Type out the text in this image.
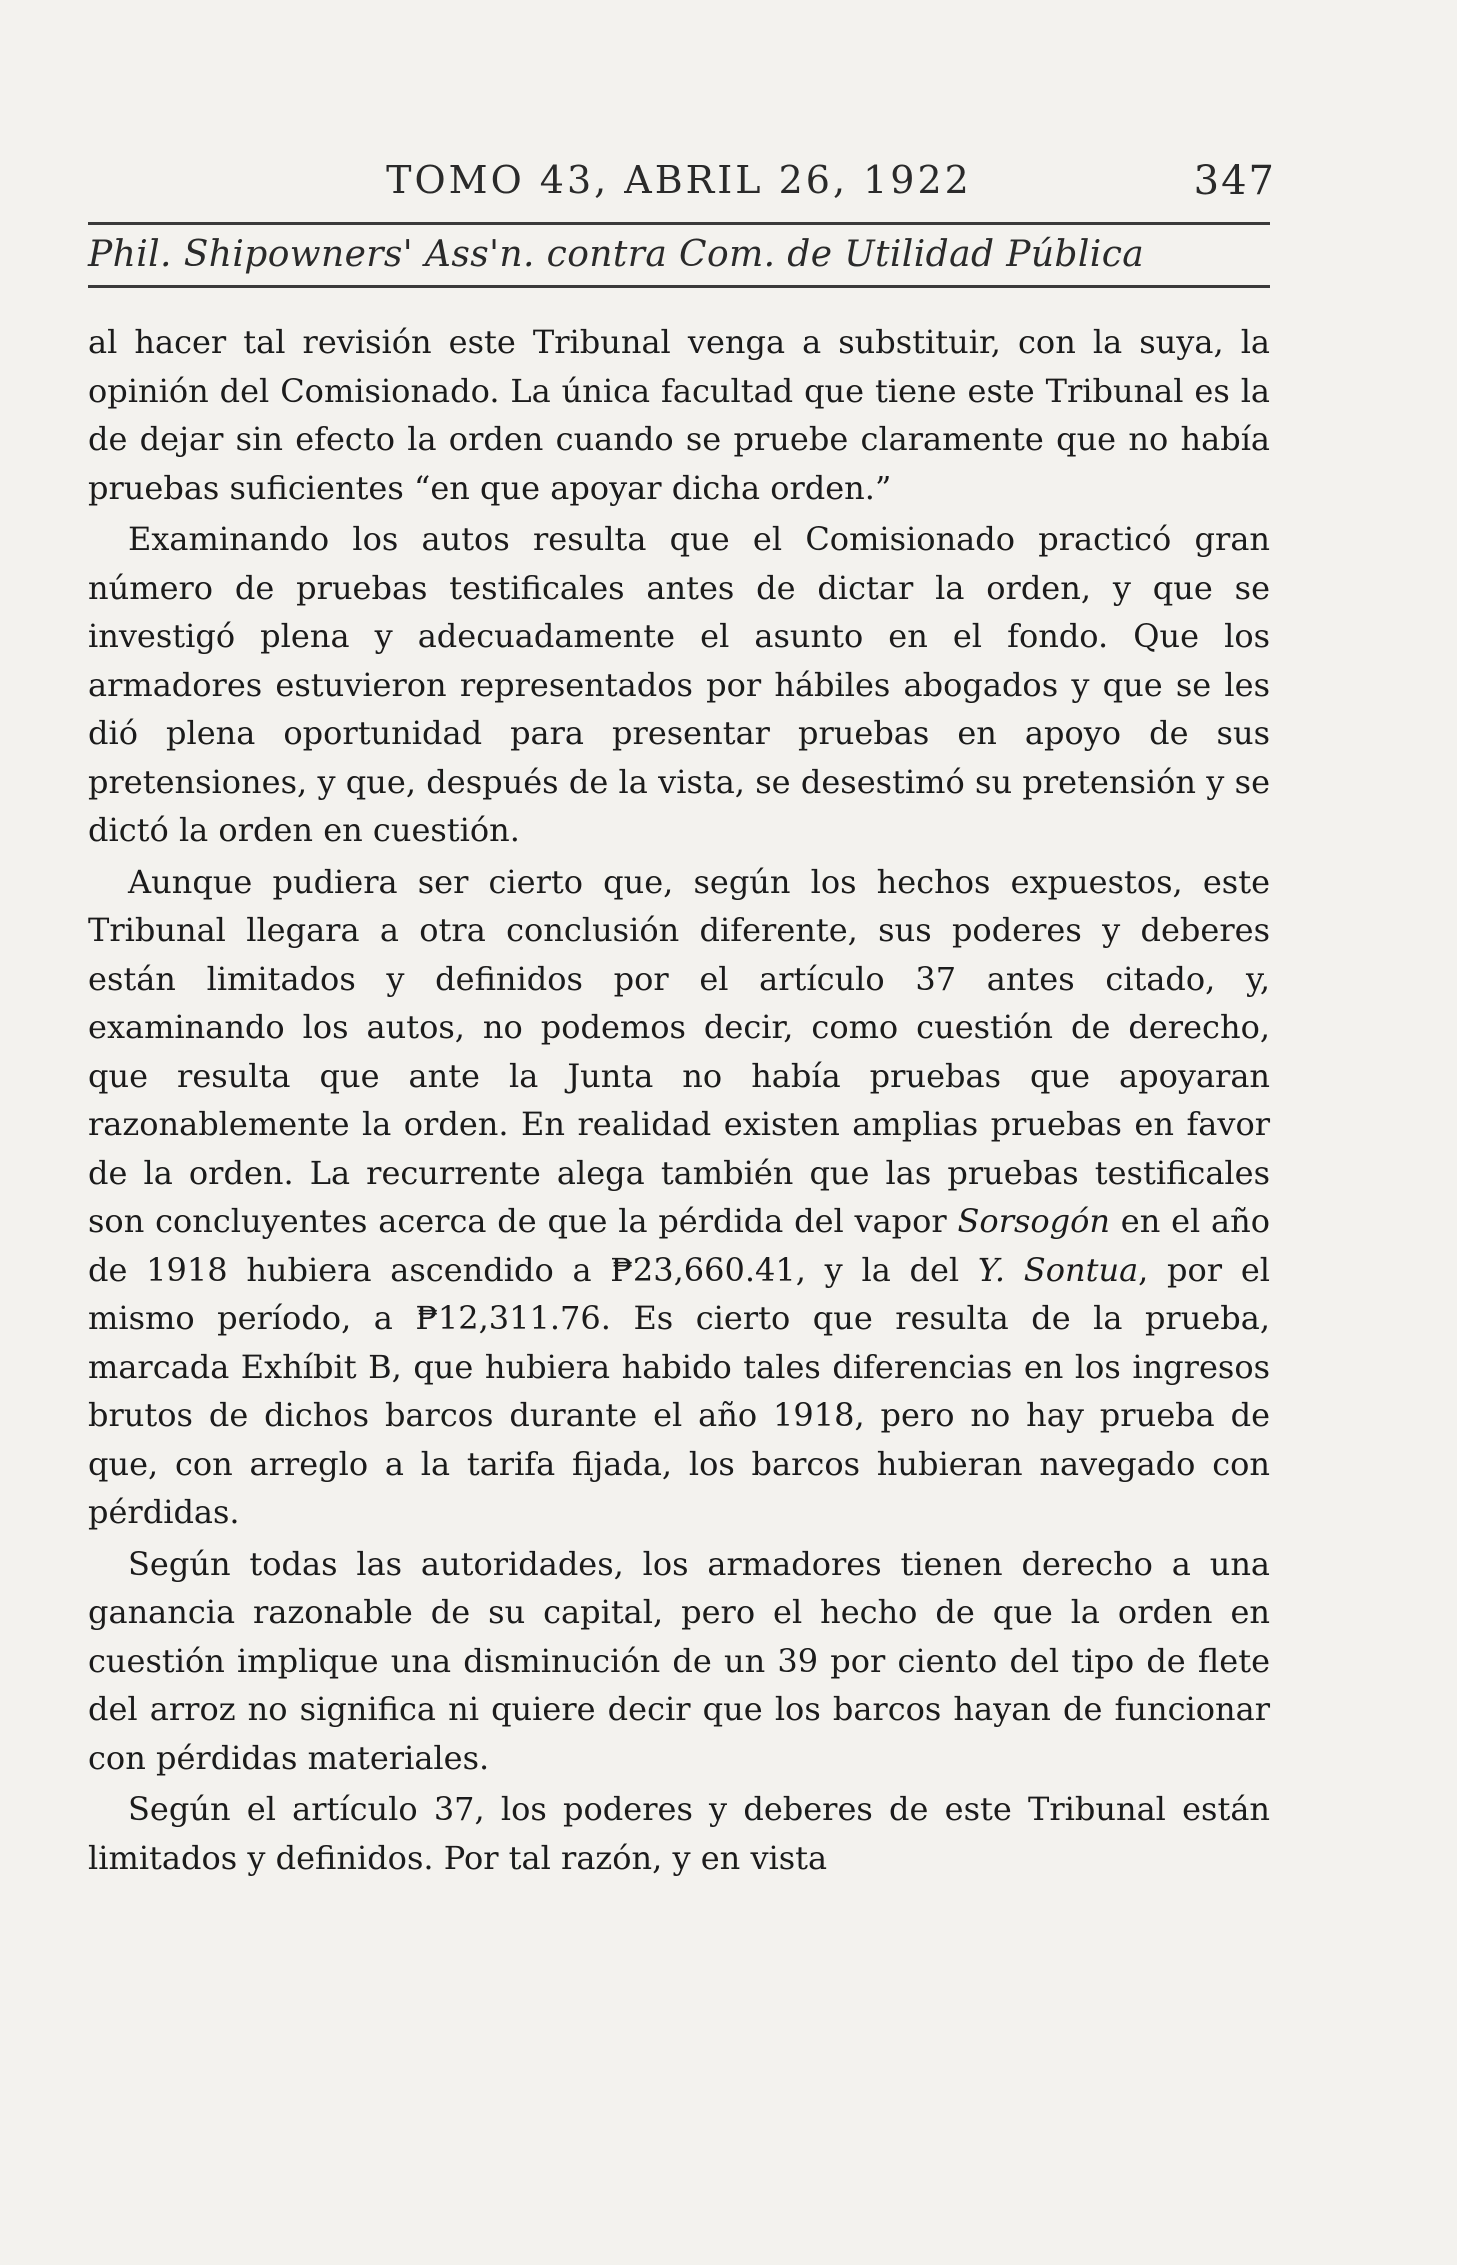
TOMO 43, ABRIL 26, 1922	347
Phil. Shipowners' Ass'n. contra Com. de Utilidad Pública

al hacer tal revisión este Tribunal venga a substituir, con la suya, la opinión del Comisionado. La única facultad que tiene este Tribunal es la de dejar sin efecto la orden cuando se pruebe claramente que no había pruebas suficientes “en que apoyar dicha orden.”

Examinando los autos resulta que el Comisionado practicó gran número de pruebas testificales antes de dictar la orden, y que se investigó plena y adecuadamente el asunto en el fondo. Que los armadores estuvieron representados por hábiles abogados y que se les dió plena oportunidad para presentar pruebas en apoyo de sus pretensiones, y que, después de la vista, se desestimó su pretensión y se dictó la orden en cuestión.

Aunque pudiera ser cierto que, según los hechos expuestos, este Tribunal llegara a otra conclusión diferente, sus poderes y deberes están limitados y definidos por el artículo 37 antes citado, y, examinando los autos, no podemos decir, como cuestión de derecho, que resulta que ante la Junta no había pruebas que apoyaran razonablemente la orden. En realidad existen amplias pruebas en favor de la orden. La recurrente alega también que las pruebas testificales son concluyentes acerca de que la pérdida del vapor Sorsogón en el año de 1918 hubiera ascendido a ₱23,660.41, y la del Y. Sontua, por el mismo período, a ₱12,311.76. Es cierto que resulta de la prueba, marcada Exhíbit B, que hubiera habido tales diferencias en los ingresos brutos de dichos barcos durante el año 1918, pero no hay prueba de que, con arreglo a la tarifa fijada, los barcos hubieran navegado con pérdidas.

Según todas las autoridades, los armadores tienen derecho a una ganancia razonable de su capital, pero el hecho de que la orden en cuestión implique una disminución de un 39 por ciento del tipo de flete del arroz no significa ni quiere decir que los barcos hayan de funcionar con pérdidas materiales.

Según el artículo 37, los poderes y deberes de este Tribunal están limitados y definidos. Por tal razón, y en vista
